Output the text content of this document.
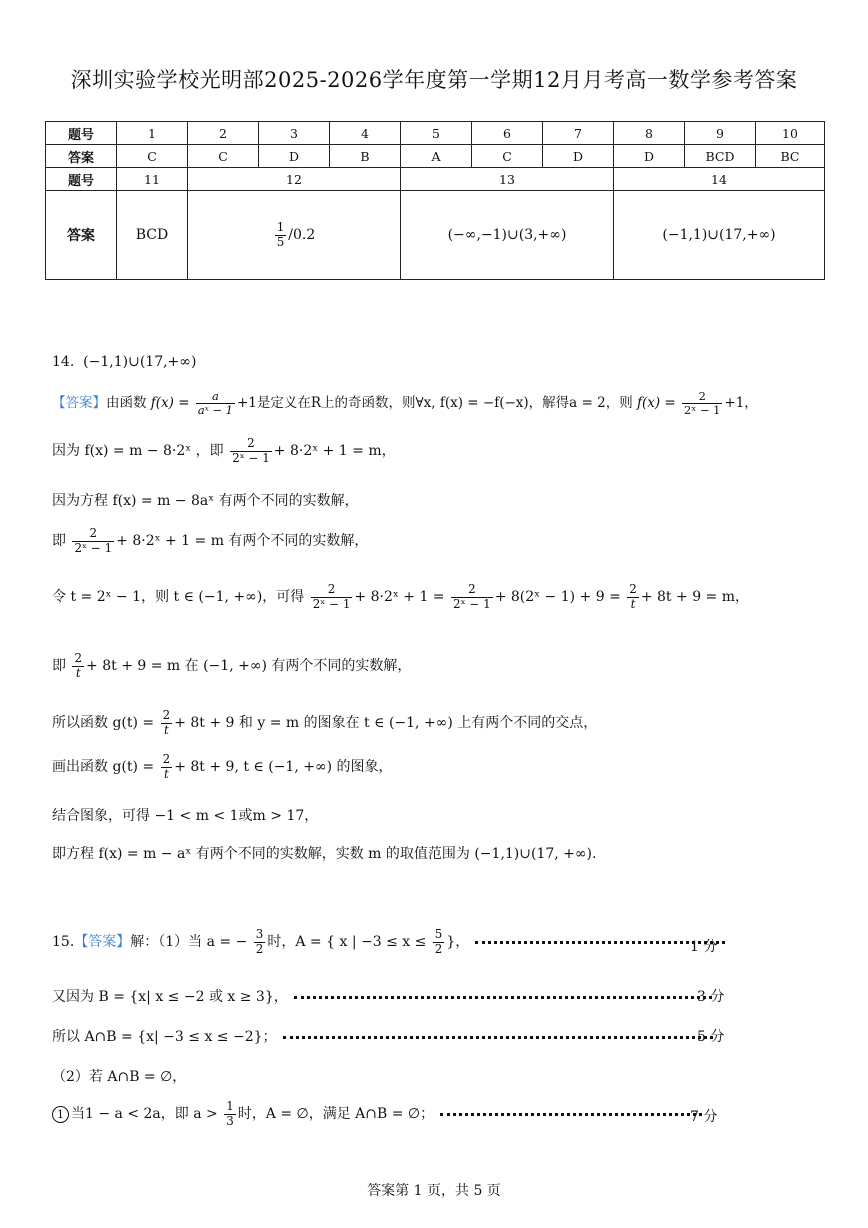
深圳实验学校光明部2025-2026学年度第一学期12月月考高一数学参考答案
题号	1	2	3	4	5	6	7	8	9	10
答案	C	C	D	B	A	C	D	D	BCD	BC
题号	11	12			13			14		
答案	BCD	$\frac{1}{5} /0.2$			(−∞,−1)∪(3,+∞)			(−1,1)∪(17,+∞)		
14. (−1,1)∪(17,+∞)
【答案】由函数 $f(x) = \frac{a}{\text{aˣ − 1}} +1$是定义在R上的奇函数，则∀x, f(x) = −f(−x)，解得a = 2，则 $f(x) = \frac{2}{\text{2ˣ − 1}} +1$，
因为 f(x) = m − 8·2ˣ ，即 $\frac{2}{\text{2ˣ − 1}}$ + 8·2ˣ + 1 = m，
因为方程 f(x) = m − 8aˣ 有两个不同的实数解，
即 $\frac{2}{\text{2ˣ − 1}}$ + 8·2ˣ + 1 = m 有两个不同的实数解，
令 t = 2ˣ − 1，则 t ∈ (−1, +∞)，可得 $\frac{2}{\text{2ˣ − 1}}$ + 8·2ˣ + $1 = \frac{2}{\text{2ˣ − 1}}$ + 8(2ˣ − $1) + 9 = \frac{2}{t} + 8t + 9 = m$，
即 $\frac{2}{t} + 8t + 9 = m$ 在 (−1, +∞) 有两个不同的实数解，
所以函数 $g(t) = \frac{2}{t} + 8t + 9$ 和 y = m 的图象在 t ∈ (−1, +∞) 上有两个不同的交点，
画出函数 $g(t) = \frac{2}{t} + 8t + 9$, t ∈ (−1, +∞) 的图象，
结合图象，可得 −1 < m < 1或m > 17，
即方程 f(x) = m − aˣ 有两个不同的实数解，实数 m 的取值范围为 (−1,1)∪(17, +∞).
15.【答案】解：（1）当 a = − $\frac{3}{2}$ 时，A = { x | $-3 \le x \le \frac{5}{2}$ }，	1 分
又因为 B = {x| x ≤ −2 或 x ≥ 3}，	3 分
所以 A∩B = {x| −3 ≤ x ≤ −2}；	5 分
（2）若 A∩B = ∅，
1 当1 − a < 2a，即 $a > \frac{1}{3}$ 时，A = ∅，满足 A∩B = ∅；	7 分
答案第 1 页，共 5 页
